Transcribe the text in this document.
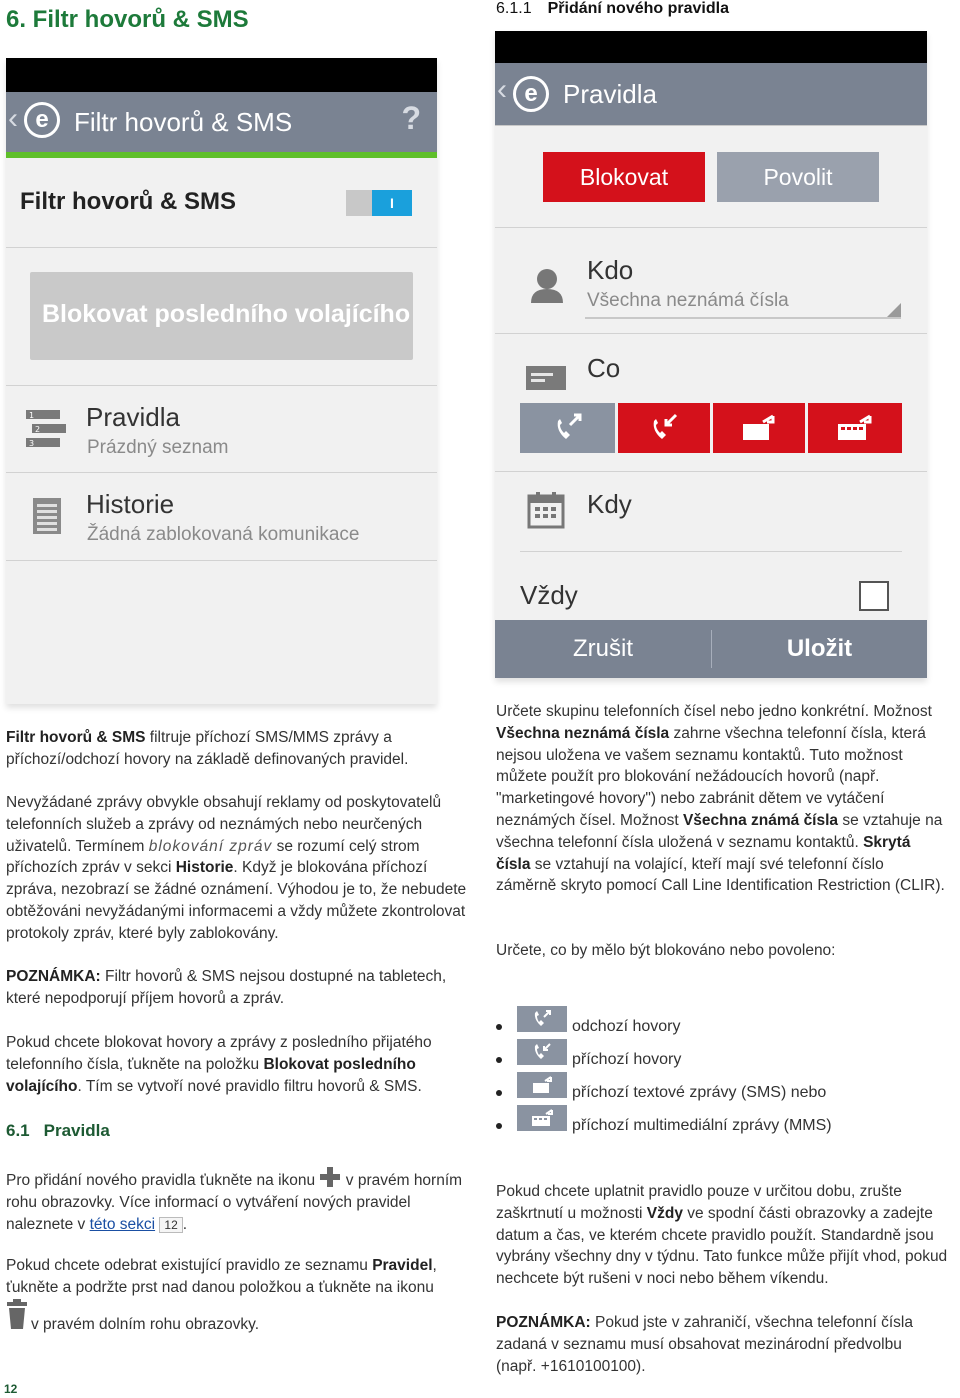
6. Filtr hovorů & SMS	6.1.1 Přidání nového pravidla
‹ e Filtr hovorů & SMS	?
Filtr hovorů & SMS	I
Blokovat posledního volajícího
1
2
3
Pravidla
Prázdný seznam
Historie
Žádná zablokovaná komunikace
‹ e Pravidla
Blokovat	Povolit
Kdo
Všechna neznámá čísla
Co
Kdy
Vždy
Zrušit	Uložit
Filtr hovorů & SMS filtruje příchozí SMS/MMS zprávy a příchozí/odchozí hovory na základě definovaných pravidel.
Nevyžádané zprávy obvykle obsahují reklamy od poskytovatelů telefonních služeb a zprávy od neznámých nebo neurčených uživatelů. Termínem blokování zpráv se rozumí celý strom příchozích zpráv v sekci Historie. Když je blokována příchozí zpráva, nezobrazí se žádné oznámení. Výhodou je to, že nebudete obtěžováni nevyžádanými informacemi a vždy můžete zkontrolovat protokoly zpráv, které byly zablokovány.
POZNÁMKA: Filtr hovorů & SMS nejsou dostupné na tabletech, které nepodporují příjem hovorů a zpráv.
Pokud chcete blokovat hovory a zprávy z posledního přijatého telefonního čísla, ťukněte na položku Blokovat posledního volajícího. Tím se vytvoří nové pravidlo filtru hovorů & SMS.
6.1 Pravidla
Pro přidání nového pravidla ťukněte na ikonu v pravém horním rohu obrazovky. Více informací o vytváření nových pravidel naleznete v této sekci 12 .
Pokud chcete odebrat existující pravidlo ze seznamu Pravidel, ťukněte a podržte prst nad danou položkou a ťukněte na ikonu
v pravém dolním rohu obrazovky.
Určete skupinu telefonních čísel nebo jedno konkrétní. Možnost Všechna neznámá čísla zahrne všechna telefonní čísla, která nejsou uložena ve vašem seznamu kontaktů. Tuto možnost můžete použít pro blokování nežádoucích hovorů (např. "marketingové hovory") nebo zabránit dětem ve vytáčení neznámých čísel. Možnost Všechna známá čísla se vztahuje na všechna telefonní čísla uložená v seznamu kontaktů. Skrytá čísla se vztahují na volající, kteří mají své telefonní číslo záměrně skryto pomocí Call Line Identification Restriction (CLIR).
Určete, co by mělo být blokováno nebo povoleno:
odchozí hovory
příchozí hovory
příchozí textové zprávy (SMS) nebo
příchozí multimediální zprávy (MMS)
Pokud chcete uplatnit pravidlo pouze v určitou dobu, zrušte zaškrtnutí u možnosti Vždy ve spodní části obrazovky a zadejte datum a čas, ve kterém chcete pravidlo použít. Standardně jsou vybrány všechny dny v týdnu. Tato funkce může přijít vhod, pokud nechcete být rušeni v noci nebo během víkendu.
POZNÁMKA: Pokud jste v zahraničí, všechna telefonní čísla zadaná v seznamu musí obsahovat mezinárodní předvolbu (např. +1610100100).
12
